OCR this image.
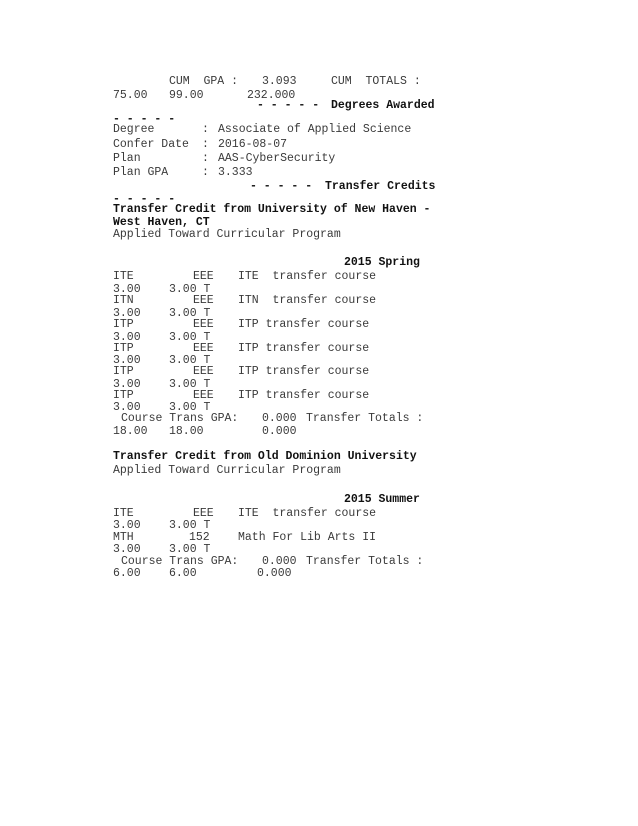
CUM  GPA : 3.093	CUM  TOTALS :
75.00 99.00	232.000
- - - - - Degrees Awarded
- - - - -
Degree	: Associate of Applied Science
Confer Date : 2016-08-07
Plan	: AAS-CyberSecurity
Plan GPA	: 3.333
- - - - - Transfer Credits
- - - - -
Transfer Credit from University of New Haven -
West Haven, CT
Applied Toward Curricular Program
2015 Spring
ITE	EEE ITE  transfer course
3.00 3.00 T
ITN	EEE ITN  transfer course
3.00 3.00 T
ITP	EEE ITP transfer course
3.00 3.00 T
ITP	EEE ITP transfer course
3.00 3.00 T
ITP	EEE ITP transfer course
3.00 3.00 T
ITP	EEE ITP transfer course
3.00 3.00 T
Course Trans GPA: 0.000 Transfer Totals :
18.00 18.00	0.000
Transfer Credit from Old Dominion University
Applied Toward Curricular Program
2015 Summer
ITE	EEE ITE  transfer course
3.00 3.00 T
MTH	152 Math For Lib Arts II
3.00 3.00 T
Course Trans GPA: 0.000 Transfer Totals :
6.00 6.00	0.000
